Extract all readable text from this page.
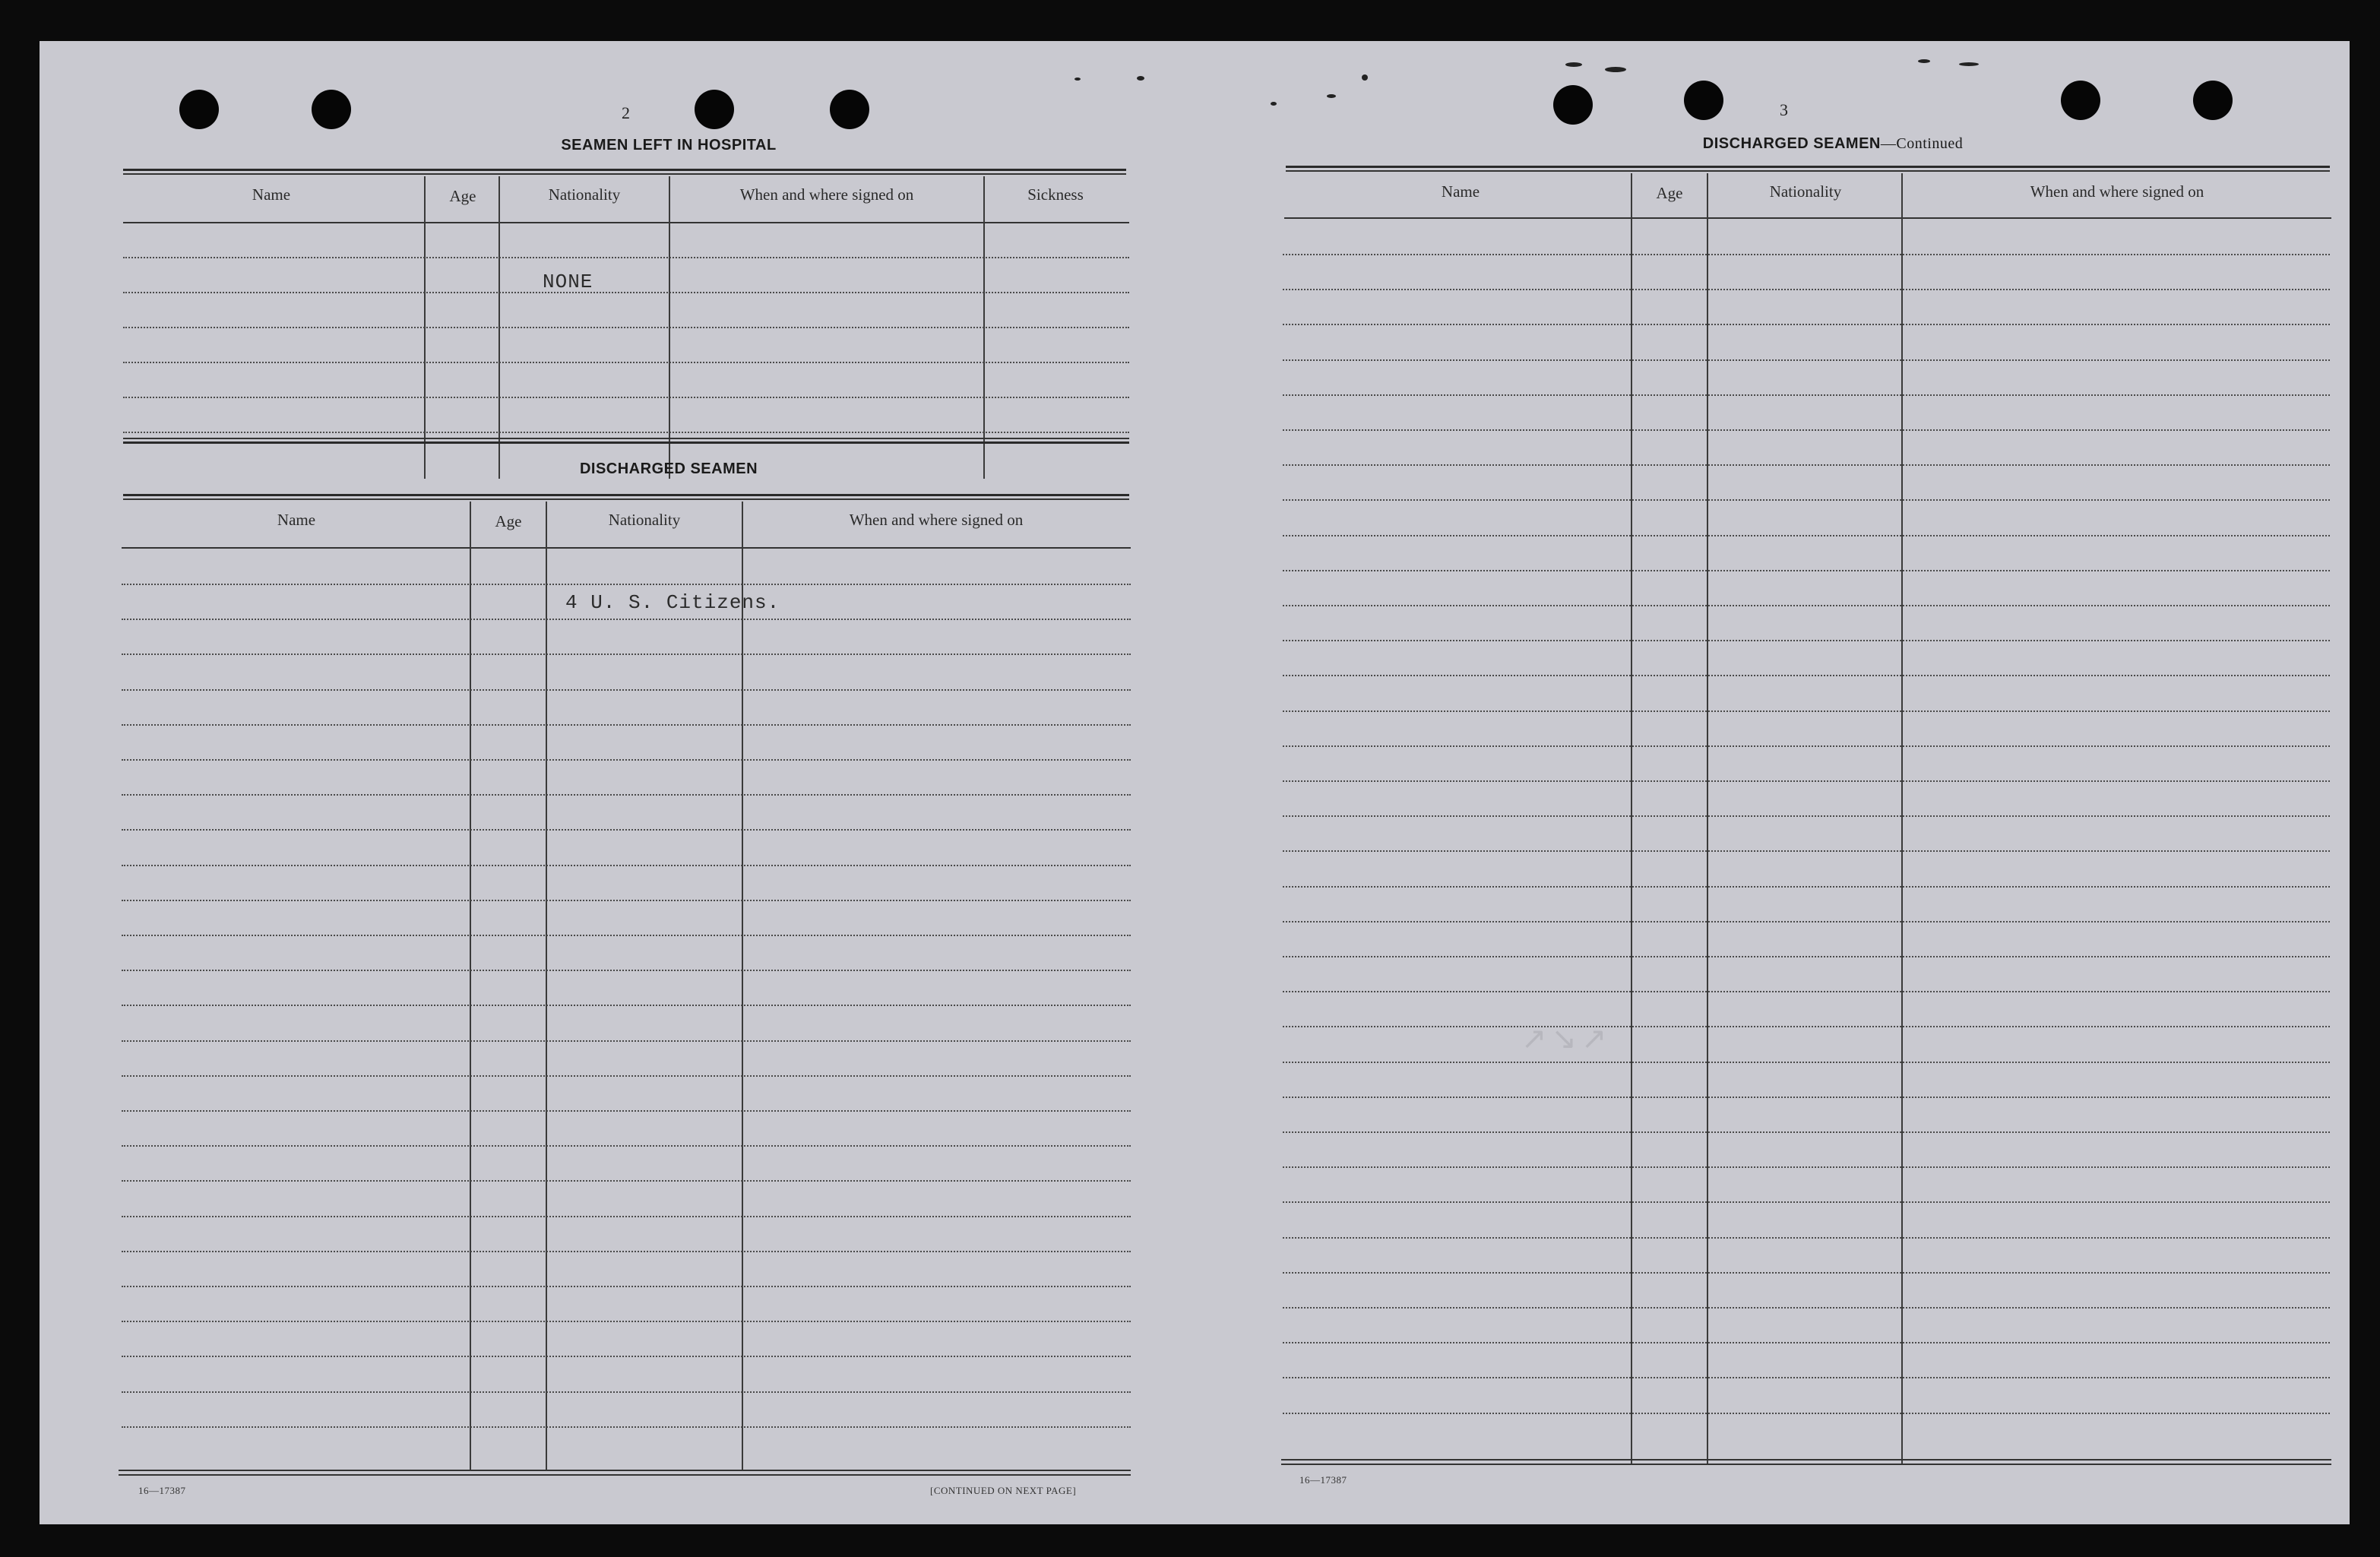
↗↘↗
2
SEAMEN LEFT IN HOSPITAL
Name	Age	Nationality	When and where signed on	Sickness
NONE
DISCHARGED SEAMEN
Name	Age	Nationality	When and where signed on
4 U. S. Citizens.
16—17387	[CONTINUED ON NEXT PAGE]
3
DISCHARGED SEAMEN—Continued
Name	Age	Nationality	When and where signed on
16—17387
